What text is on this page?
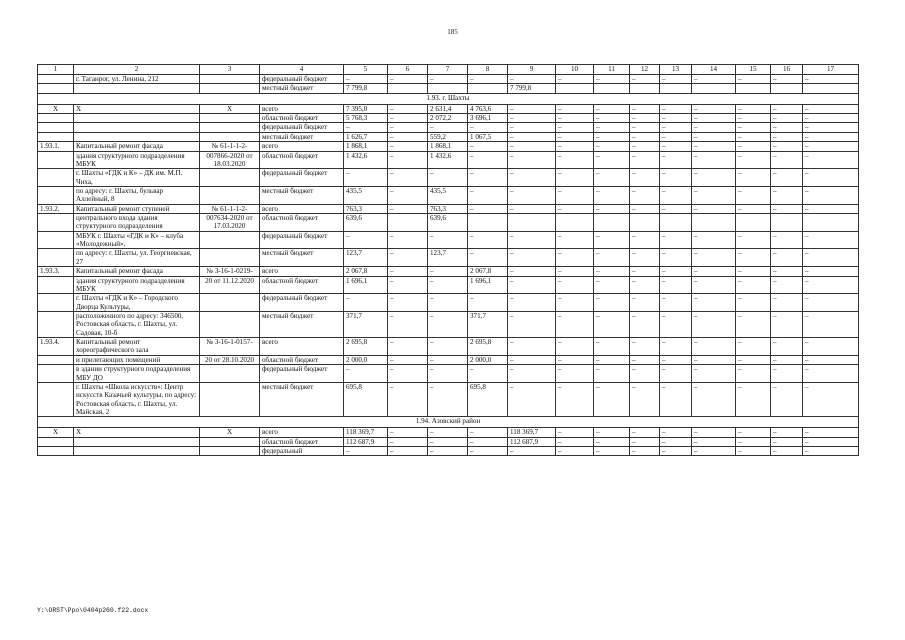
185
1	2	3	4	5	6	7	8	9	10	11	12	13	14	15	16	17
	г. Таганрог, ул. Ленина, 212		федеральный бюджет	–	–	–	–	–	–	–	–	–	–	–	–	–
			местный бюджет	7 799,8				7 799,8								
1.93. г. Шахты																
X	X	X	всего	7 395,0	–	2 631,4	4 763,6	–	–	–	–	–	–	–	–	–
			областной бюджет	5 768,3	–	2 072,2	3 696,1	–	–	–	–	–	–	–	–	–
			федеральный бюджет	–	–	–	–	–	–	–	–	–	–	–	–	–
			местный бюджет	1 626,7	–	559,2	1 067,5	–	–	–	–	–	–	–	–	–
1.93.1.	Капитальный ремонт фасада	№ 61-1-1-2-	всего	1 868,1	–	1 868,1	–	–	–	–	–	–	–	–	–	–
	здания структурного подразделения МБУК	007866-2020 от 18.03.2020	областной бюджет	1 432,6	–	1 432,6	–	–	–	–	–	–	–	–	–	–
	г. Шахты «ГДК и К» – ДК им. М.П. Чиха,		федеральный бюджет	–	–	–	–	–	–	–	–	–	–	–	–	–
	по адресу: г. Шахты, бульвар Аллейный, 8		местный бюджет	435,5	–	435,5	–	–	–	–	–	–	–	–	–	–
1.93.2.	Капитальный ремонт ступеней	№ 61-1-1-2-	всего	763,3	–	763,3	–	–	–	–	–	–	–	–	–	–
	центрального входа здания структурного подразделения	007634-2020 от 17.03.2020	областной бюджет	639,6		639,6										
	МБУК г. Шахты «ГДК и К» – клуба «Молодежный»,		федеральный бюджет	–	–	–	–	–	–	–	–	–	–	–	–	–
	по адресу: г. Шахты, ул. Георгиевская, 27		местный бюджет	123,7	–	123,7	–	–	–	–	–	–	–	–	–	–
1.93.3.	Капитальный ремонт фасада	№ 3-16-1-0219-	всего	2 067,8	–	–	2 067,8	–	–	–	–	–	–	–	–	–
	здания структурного подразделения МБУК	20 от 11.12.2020	областной бюджет	1 696,1	–	–	1 696,1	–	–	–	–	–	–	–	–	–
	г. Шахты «ГДК и К» – Городского Дворца Культуры,		федеральный бюджет	–	–	–	–	–	–	–	–	–	–	–	–	–
	расположенного по адресу: 346500, Ростовская область, г. Шахты, ул. Садовая, 10-б		местный бюджет	371,7	–	–	371,7	–	–	–	–	–	–	–	–	–
1.93.4.	Капитальный ремонт хореографического зала	№ 3-16-1-0157-	всего	2 695,8	–	–	2 695,8	–	–	–	–	–	–	–	–	–
	и прилегающих помещений	20 от 28.10.2020	областной бюджет	2 000,0	–	–	2 000,0	–	–	–	–	–	–	–	–	–
	в здании структурного подразделения МБУ ДО		федеральный бюджет	–	–	–	–	–	–	–	–	–	–	–	–	–
	г. Шахты «Школа искусств»: Центр искусств Казачьей культуры, по адресу: Ростовская область, г. Шахты, ул. Майская, 2		местный бюджет	695,8	–	–	695,8	–	–	–	–	–	–	–	–	–
1.94. Азовский район																
X	X	X	всего	118 369,7	–	–	–	118 369,7	–	–	–	–	–	–	–	–
			областной бюджет	112 687,9	–	–	–	112 687,9	–	–	–	–	–	–	–	–
			федеральный	–	–	–	–	–	–	–	–	–	–	–	–	–
Y:\ORST\Ppo\0404p260.f22.docx
